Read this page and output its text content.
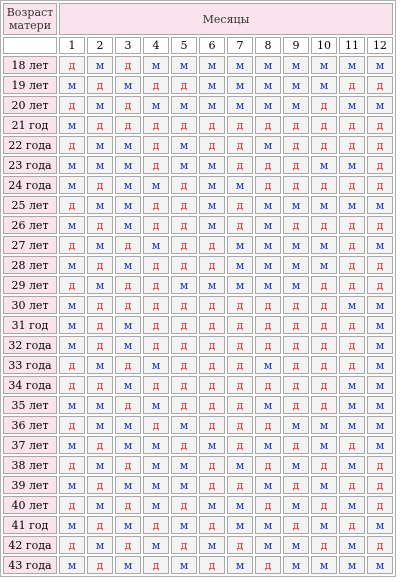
Возраст
матери	Месяцы											
	1	2	3	4	5	6	7	8	9	10	11	12
18 лет	д	м	д	м	м	м	м	м	м	м	м	м
19 лет	м	д	м	д	д	м	м	м	м	м	д	д
20 лет	д	м	д	м	м	м	м	м	м	д	м	м
21 год	м	д	д	д	д	д	д	д	д	д	д	д
22 года	д	м	м	д	м	д	д	м	д	д	д	д
23 года	м	м	м	д	м	м	д	д	д	м	м	д
24 года	м	д	м	м	д	м	м	д	д	д	д	д
25 лет	д	м	м	д	д	м	д	м	м	м	м	м
26 лет	м	д	м	д	д	м	д	м	д	д	д	д
27 лет	д	м	д	м	д	д	м	м	м	м	д	м
28 лет	м	д	м	д	д	д	м	м	м	м	д	д
29 лет	д	м	д	д	м	м	м	м	м	д	д	д
30 лет	м	д	д	д	д	д	д	д	д	д	м	м
31 год	м	д	м	д	д	д	д	д	д	д	д	м
32 года	м	д	м	д	д	д	д	д	д	д	д	м
33 года	д	м	д	м	д	д	д	м	д	д	д	м
34 года	д	д	м	д	д	д	д	д	д	д	м	м
35 лет	м	м	д	м	д	д	д	м	д	д	м	м
36 лет	д	м	м	д	м	д	д	д	м	м	м	м
37 лет	м	д	м	м	д	м	д	м	д	м	д	м
38 лет	д	м	д	м	м	д	м	д	м	д	м	д
39 лет	м	д	м	м	м	д	д	м	д	м	д	д
40 лет	д	м	д	м	д	м	м	д	м	д	м	д
41 год	м	д	м	д	м	д	м	м	д	м	д	м
42 года	д	м	д	м	д	м	д	м	м	д	м	д
43 года	м	д	м	д	м	д	м	д	м	м	м	м
